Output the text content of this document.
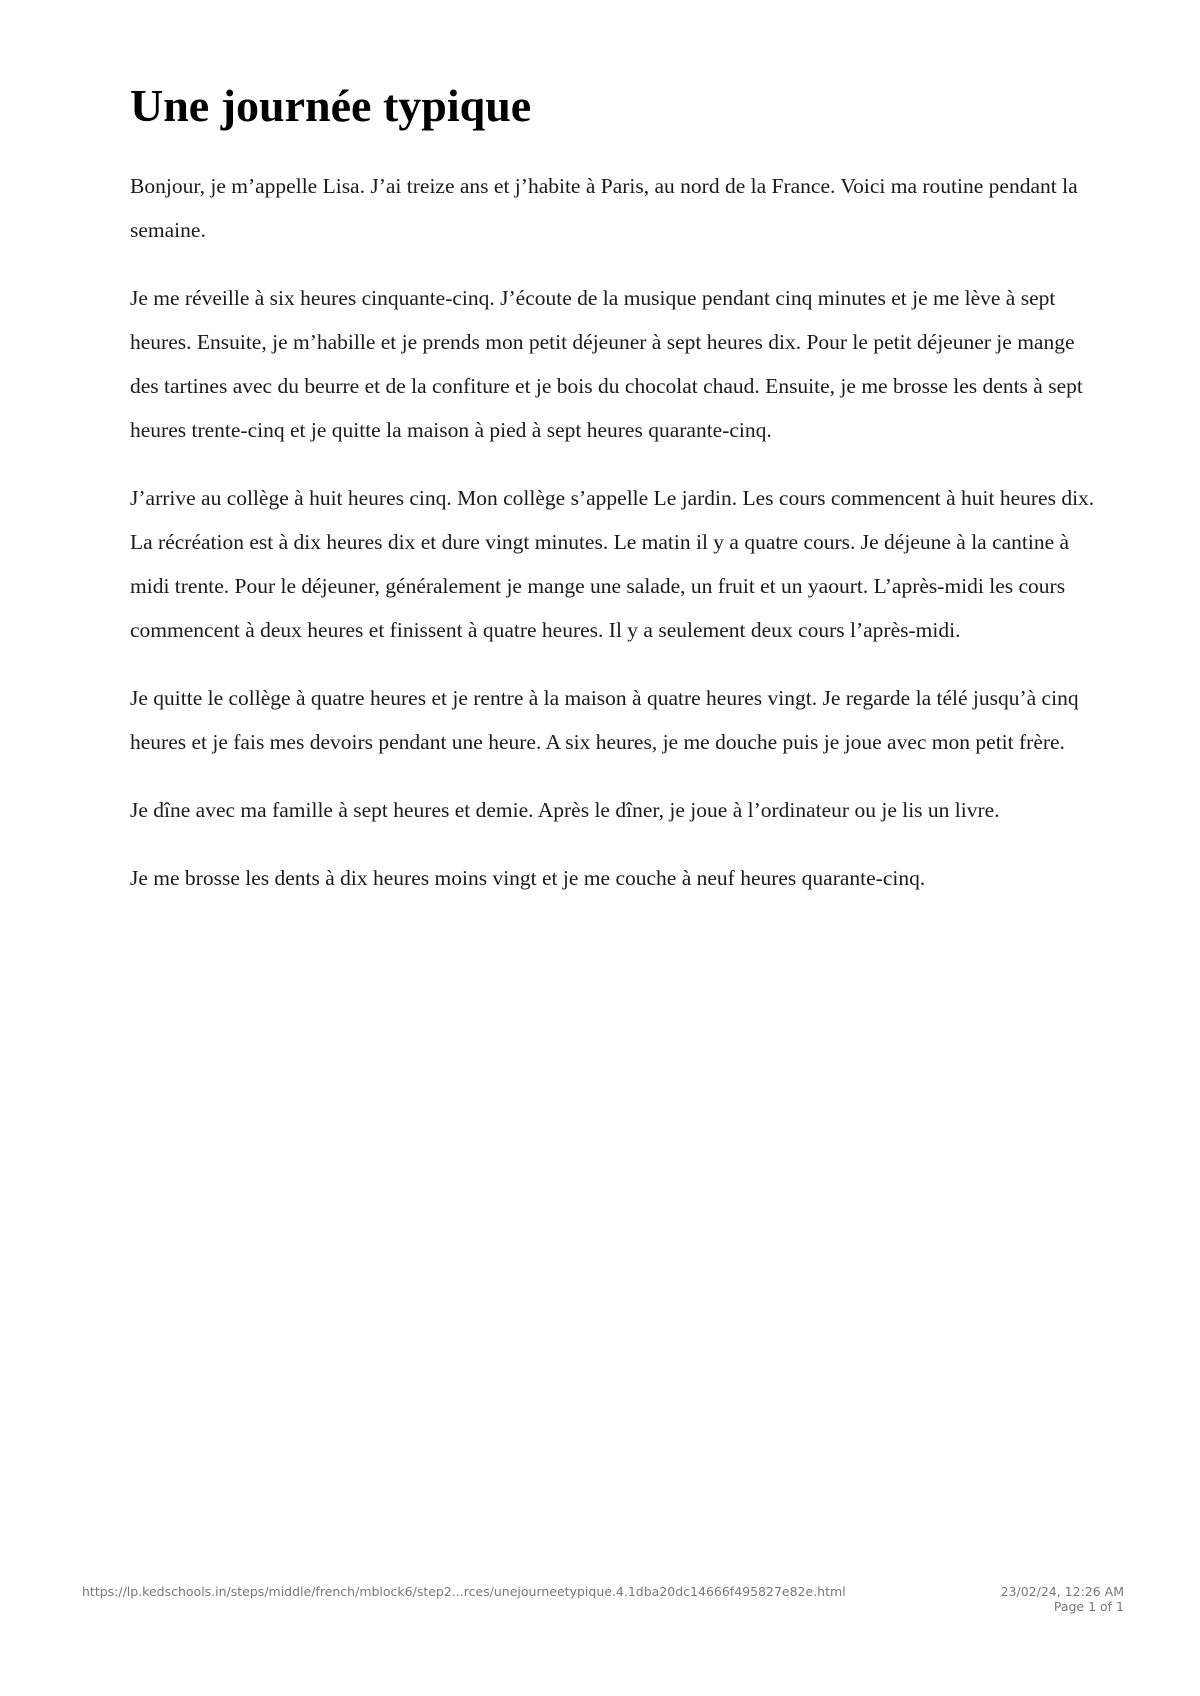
Une journée typique

Bonjour, je m’appelle Lisa. J’ai treize ans et j’habite à Paris, au nord de la France. Voici ma routine pendant la semaine.

Je me réveille à six heures cinquante-cinq. J’écoute de la musique pendant cinq minutes et je me lève à sept heures. Ensuite, je m’habille et je prends mon petit déjeuner à sept heures dix. Pour le petit déjeuner je mange des tartines avec du beurre et de la confiture et je bois du chocolat chaud. Ensuite, je me brosse les dents à sept heures trente-cinq et je quitte la maison à pied à sept heures quarante-cinq.

J’arrive au collège à huit heures cinq. Mon collège s’appelle Le jardin. Les cours commencent à huit heures dix. La récréation est à dix heures dix et dure vingt minutes. Le matin il y a quatre cours. Je déjeune à la cantine à midi trente. Pour le déjeuner, généralement je mange une salade, un fruit et un yaourt. L’après-midi les cours commencent à deux heures et finissent à quatre heures. Il y a seulement deux cours l’après-midi.

Je quitte le collège à quatre heures et je rentre à la maison à quatre heures vingt. Je regarde la télé jusqu’à cinq heures et je fais mes devoirs pendant une heure. A six heures, je me douche puis je joue avec mon petit frère.

Je dîne avec ma famille à sept heures et demie. Après le dîner, je joue à l’ordinateur ou je lis un livre.

Je me brosse les dents à dix heures moins vingt et je me couche à neuf heures quarante-cinq.

https://lp.kedschools.in/steps/middle/french/mblock6/step2...rces/unejourneetypique.4.1dba20dc14666f495827e82e.html	23/02/24, 12:26 AM
Page 1 of 1
